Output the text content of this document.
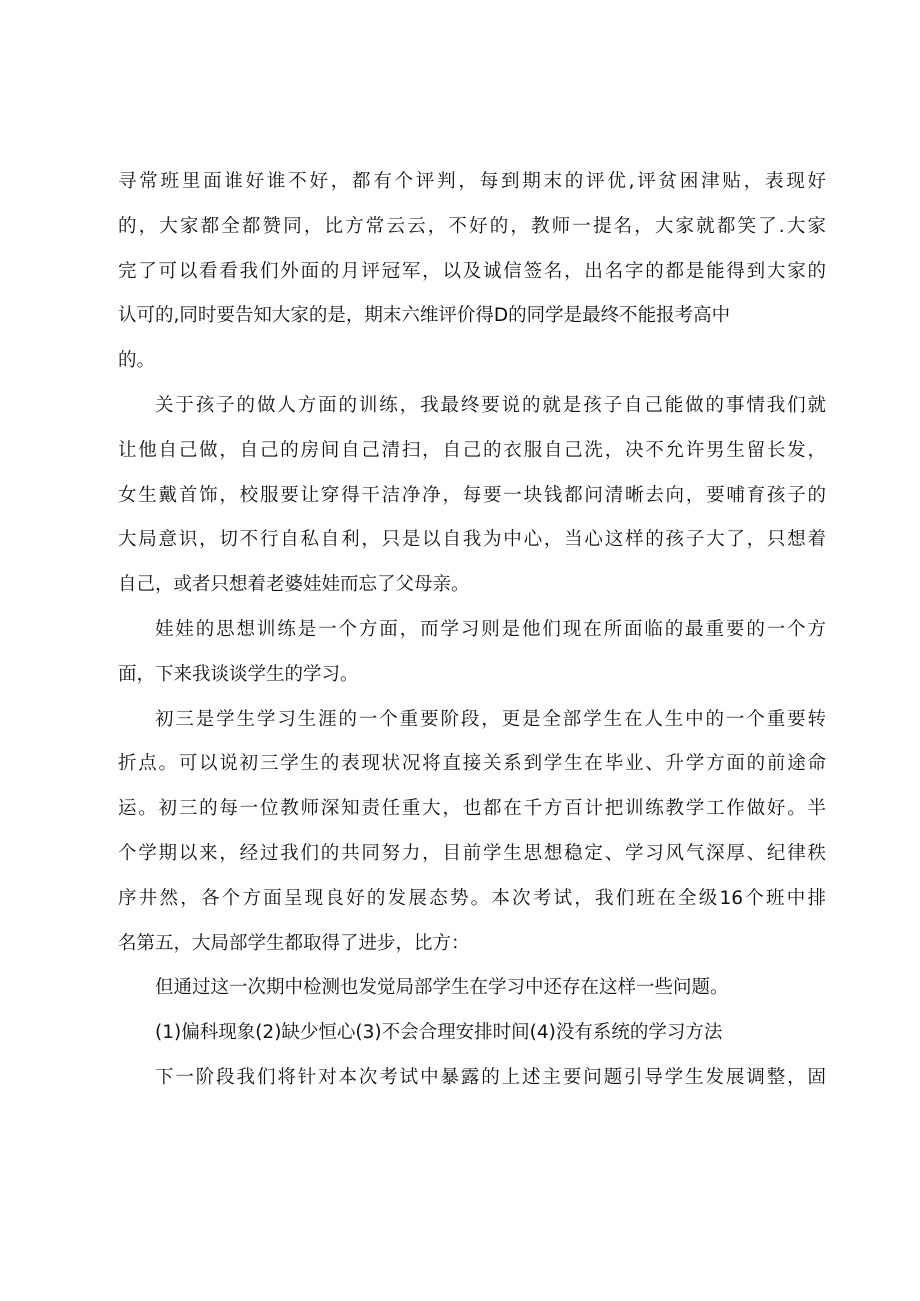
寻常班里面谁好谁不好，都有个评判，每到期末的评优,评贫困津贴，表现好
的，大家都全都赞同，比方常云云，不好的，教师一提名，大家就都笑了.大家
完了可以看看我们外面的月评冠军，以及诚信签名，出名字的都是能得到大家的
认可的,同时要告知大家的是，期末六维评价得D的同学是最终不能报考高中
的。
关于孩子的做人方面的训练，我最终要说的就是孩子自己能做的事情我们就
让他自己做，自己的房间自己清扫，自己的衣服自己洗，决不允许男生留长发，
女生戴首饰，校服要让穿得干洁净净，每要一块钱都问清晰去向，要哺育孩子的
大局意识，切不行自私自利，只是以自我为中心，当心这样的孩子大了，只想着
自己，或者只想着老婆娃娃而忘了父母亲。
娃娃的思想训练是一个方面，而学习则是他们现在所面临的最重要的一个方
面，下来我谈谈学生的学习。
初三是学生学习生涯的一个重要阶段，更是全部学生在人生中的一个重要转
折点。可以说初三学生的表现状况将直接关系到学生在毕业、升学方面的前途命
运。初三的每一位教师深知责任重大，也都在千方百计把训练教学工作做好。半
个学期以来，经过我们的共同努力，目前学生思想稳定、学习风气深厚、纪律秩
序井然，各个方面呈现良好的发展态势。本次考试，我们班在全级16个班中排
名第五，大局部学生都取得了进步，比方：
但通过这一次期中检测也发觉局部学生在学习中还存在这样一些问题。
(1)偏科现象(2)缺少恒心(3)不会合理安排时间(4)没有系统的学习方法
下一阶段我们将针对本次考试中暴露的上述主要问题引导学生发展调整，固
